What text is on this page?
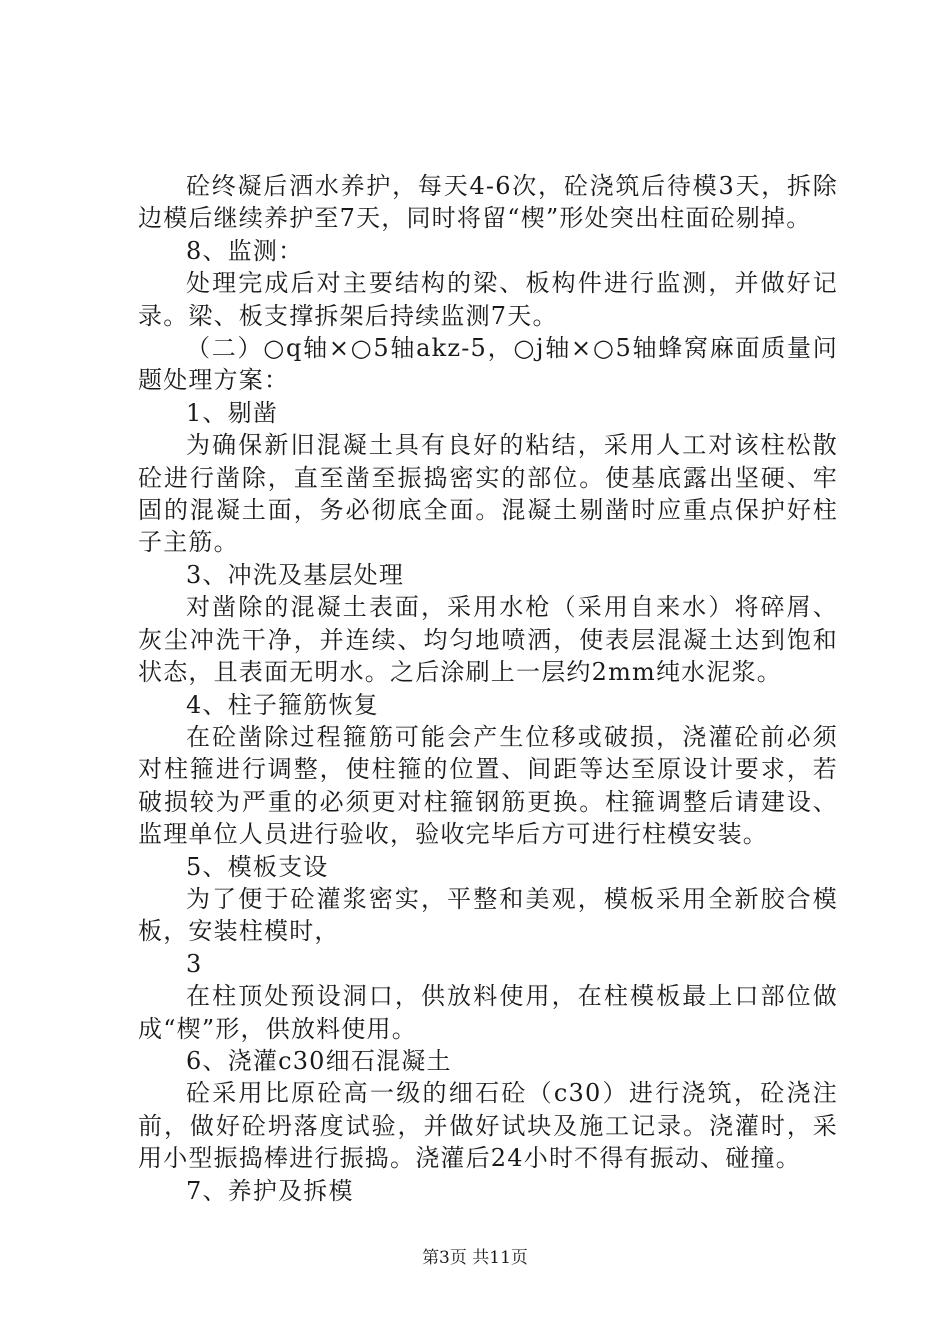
砼终凝后洒水养护，每天4-6次，砼浇筑后待模3天，拆除边模后继续养护至7天，同时将留“楔”形处突出柱面砼剔掉。

8、监测：

处理完成后对主要结构的梁、板构件进行监测，并做好记录。梁、板支撑拆架后持续监测7天。

（二）○q轴×○5轴akz-5，○j轴×○5轴蜂窝麻面质量问题处理方案：

1、剔凿

为确保新旧混凝土具有良好的粘结，采用人工对该柱松散砼进行凿除，直至凿至振捣密实的部位。使基底露出坚硬、牢固的混凝土面，务必彻底全面。混凝土剔凿时应重点保护好柱子主筋。

3、冲洗及基层处理

对凿除的混凝土表面，采用水枪（采用自来水）将碎屑、灰尘冲洗干净，并连续、均匀地喷洒，使表层混凝土达到饱和状态，且表面无明水。之后涂刷上一层约2mm纯水泥浆。

4、柱子箍筋恢复

在砼凿除过程箍筋可能会产生位移或破损，浇灌砼前必须对柱箍进行调整，使柱箍的位置、间距等达至原设计要求，若破损较为严重的必须更对柱箍钢筋更换。柱箍调整后请建设、监理单位人员进行验收，验收完毕后方可进行柱模安装。

5、模板支设

为了便于砼灌浆密实，平整和美观，模板采用全新胶合模板，安装柱模时，

3

在柱顶处预设洞口，供放料使用，在柱模板最上口部位做成“楔”形，供放料使用。

6、浇灌c30细石混凝土

砼采用比原砼高一级的细石砼（c30）进行浇筑，砼浇注前，做好砼坍落度试验，并做好试块及施工记录。浇灌时，采用小型振捣棒进行振捣。浇灌后24小时不得有振动、碰撞。

7、养护及拆模

第3页 共11页
